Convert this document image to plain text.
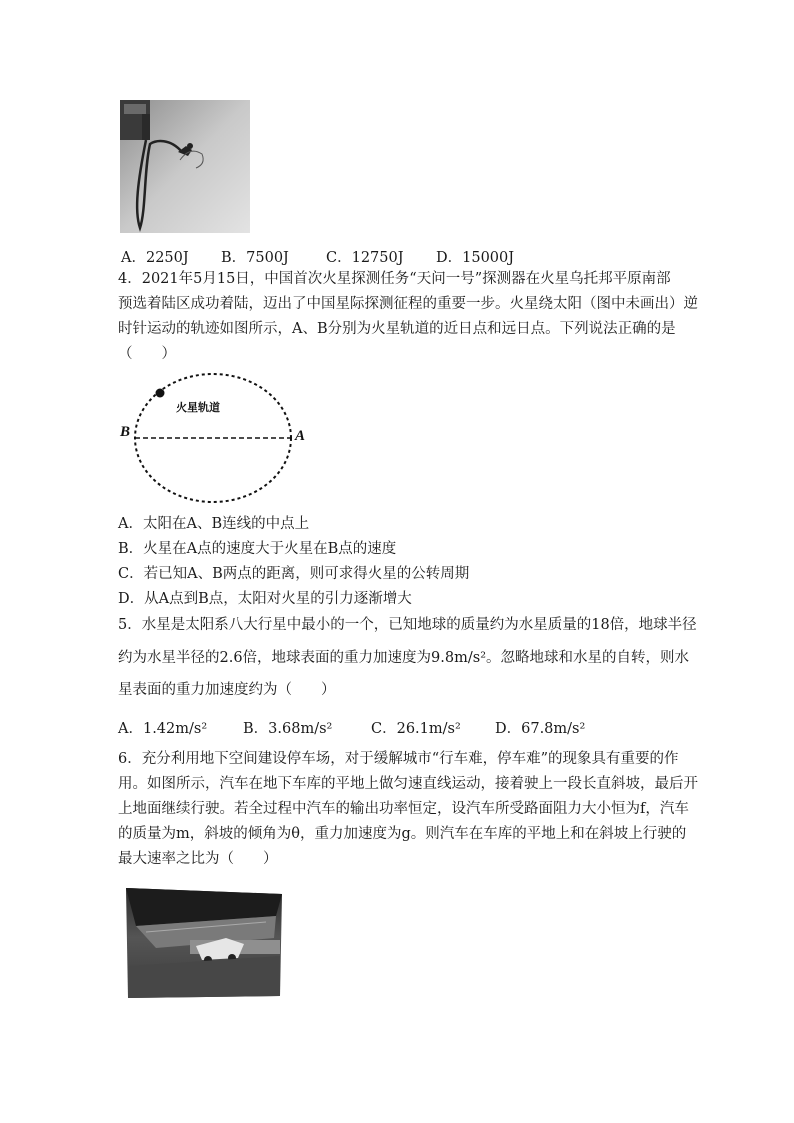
A．2250J B．7500J	C．12750J D．15000J
4．2021年5月15日，中国首次火星探测任务“天问一号”探测器在火星乌托邦平原南部
预选着陆区成功着陆，迈出了中国星际探测征程的重要一步。火星绕太阳（图中未画出）逆
时针运动的轨迹如图所示，A、B分别为火星轨道的近日点和远日点。下列说法正确的是
（　　）
火星轨道
B	A
A．太阳在A、B连线的中点上
B．火星在A点的速度大于火星在B点的速度
C．若已知A、B两点的距离，则可求得火星的公转周期
D．从A点到B点，太阳对火星的引力逐渐增大
5．水星是太阳系八大行星中最小的一个，已知地球的质量约为水星质量的18倍，地球半径
约为水星半径的2.6倍，地球表面的重力加速度为9.8m/s²。忽略地球和水星的自转，则水
星表面的重力加速度约为（　　）
A．1.42m/s² B．3.68m/s²	C．26.1m/s² D．67.8m/s²
6．充分利用地下空间建设停车场，对于缓解城市“行车难，停车难”的现象具有重要的作
用。如图所示，汽车在地下车库的平地上做匀速直线运动，接着驶上一段长直斜坡，最后开
上地面继续行驶。若全过程中汽车的输出功率恒定，设汽车所受路面阻力大小恒为f，汽车
的质量为m，斜坡的倾角为θ，重力加速度为g。则汽车在车库的平地上和在斜坡上行驶的
最大速率之比为（　　）
